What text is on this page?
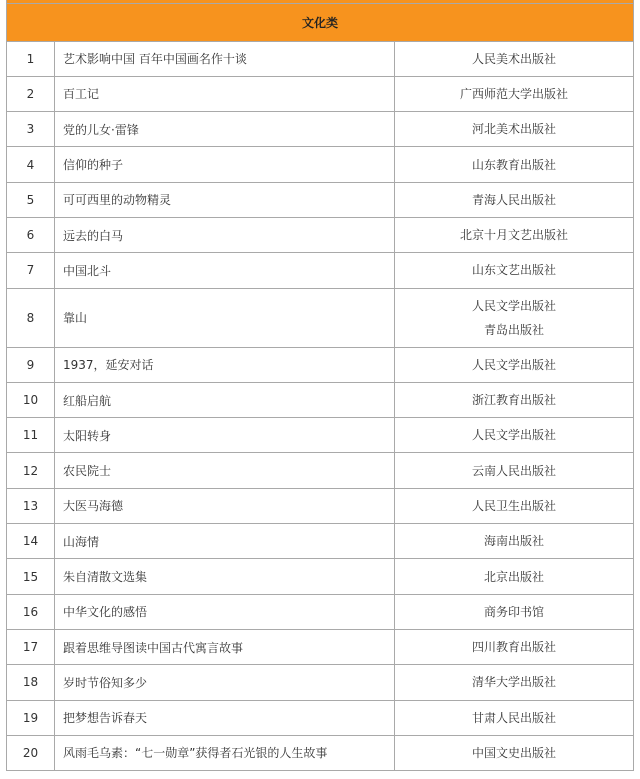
文化类		
1	艺术影响中国 百年中国画名作十谈	人民美术出版社

2	百工记	广西师范大学出版社

3	党的儿女·雷锋	河北美术出版社

4	信仰的种子	山东教育出版社

5	可可西里的动物精灵	青海人民出版社

6	远去的白马	北京十月文艺出版社

7	中国北斗	山东文艺出版社

8	靠山	人民文学出版社
青岛出版社

9	1937，延安对话	人民文学出版社

10	红船启航	浙江教育出版社

11	太阳转身	人民文学出版社

12	农民院士	云南人民出版社

13	大医马海德	人民卫生出版社

14	山海情	海南出版社

15	朱自清散文选集	北京出版社

16	中华文化的感悟	商务印书馆

17	跟着思维导图读中国古代寓言故事	四川教育出版社

18	岁时节俗知多少	清华大学出版社

19	把梦想告诉春天	甘肃人民出版社

20	风雨毛乌素：“七一勋章”获得者石光银的人生故事	中国文史出版社
